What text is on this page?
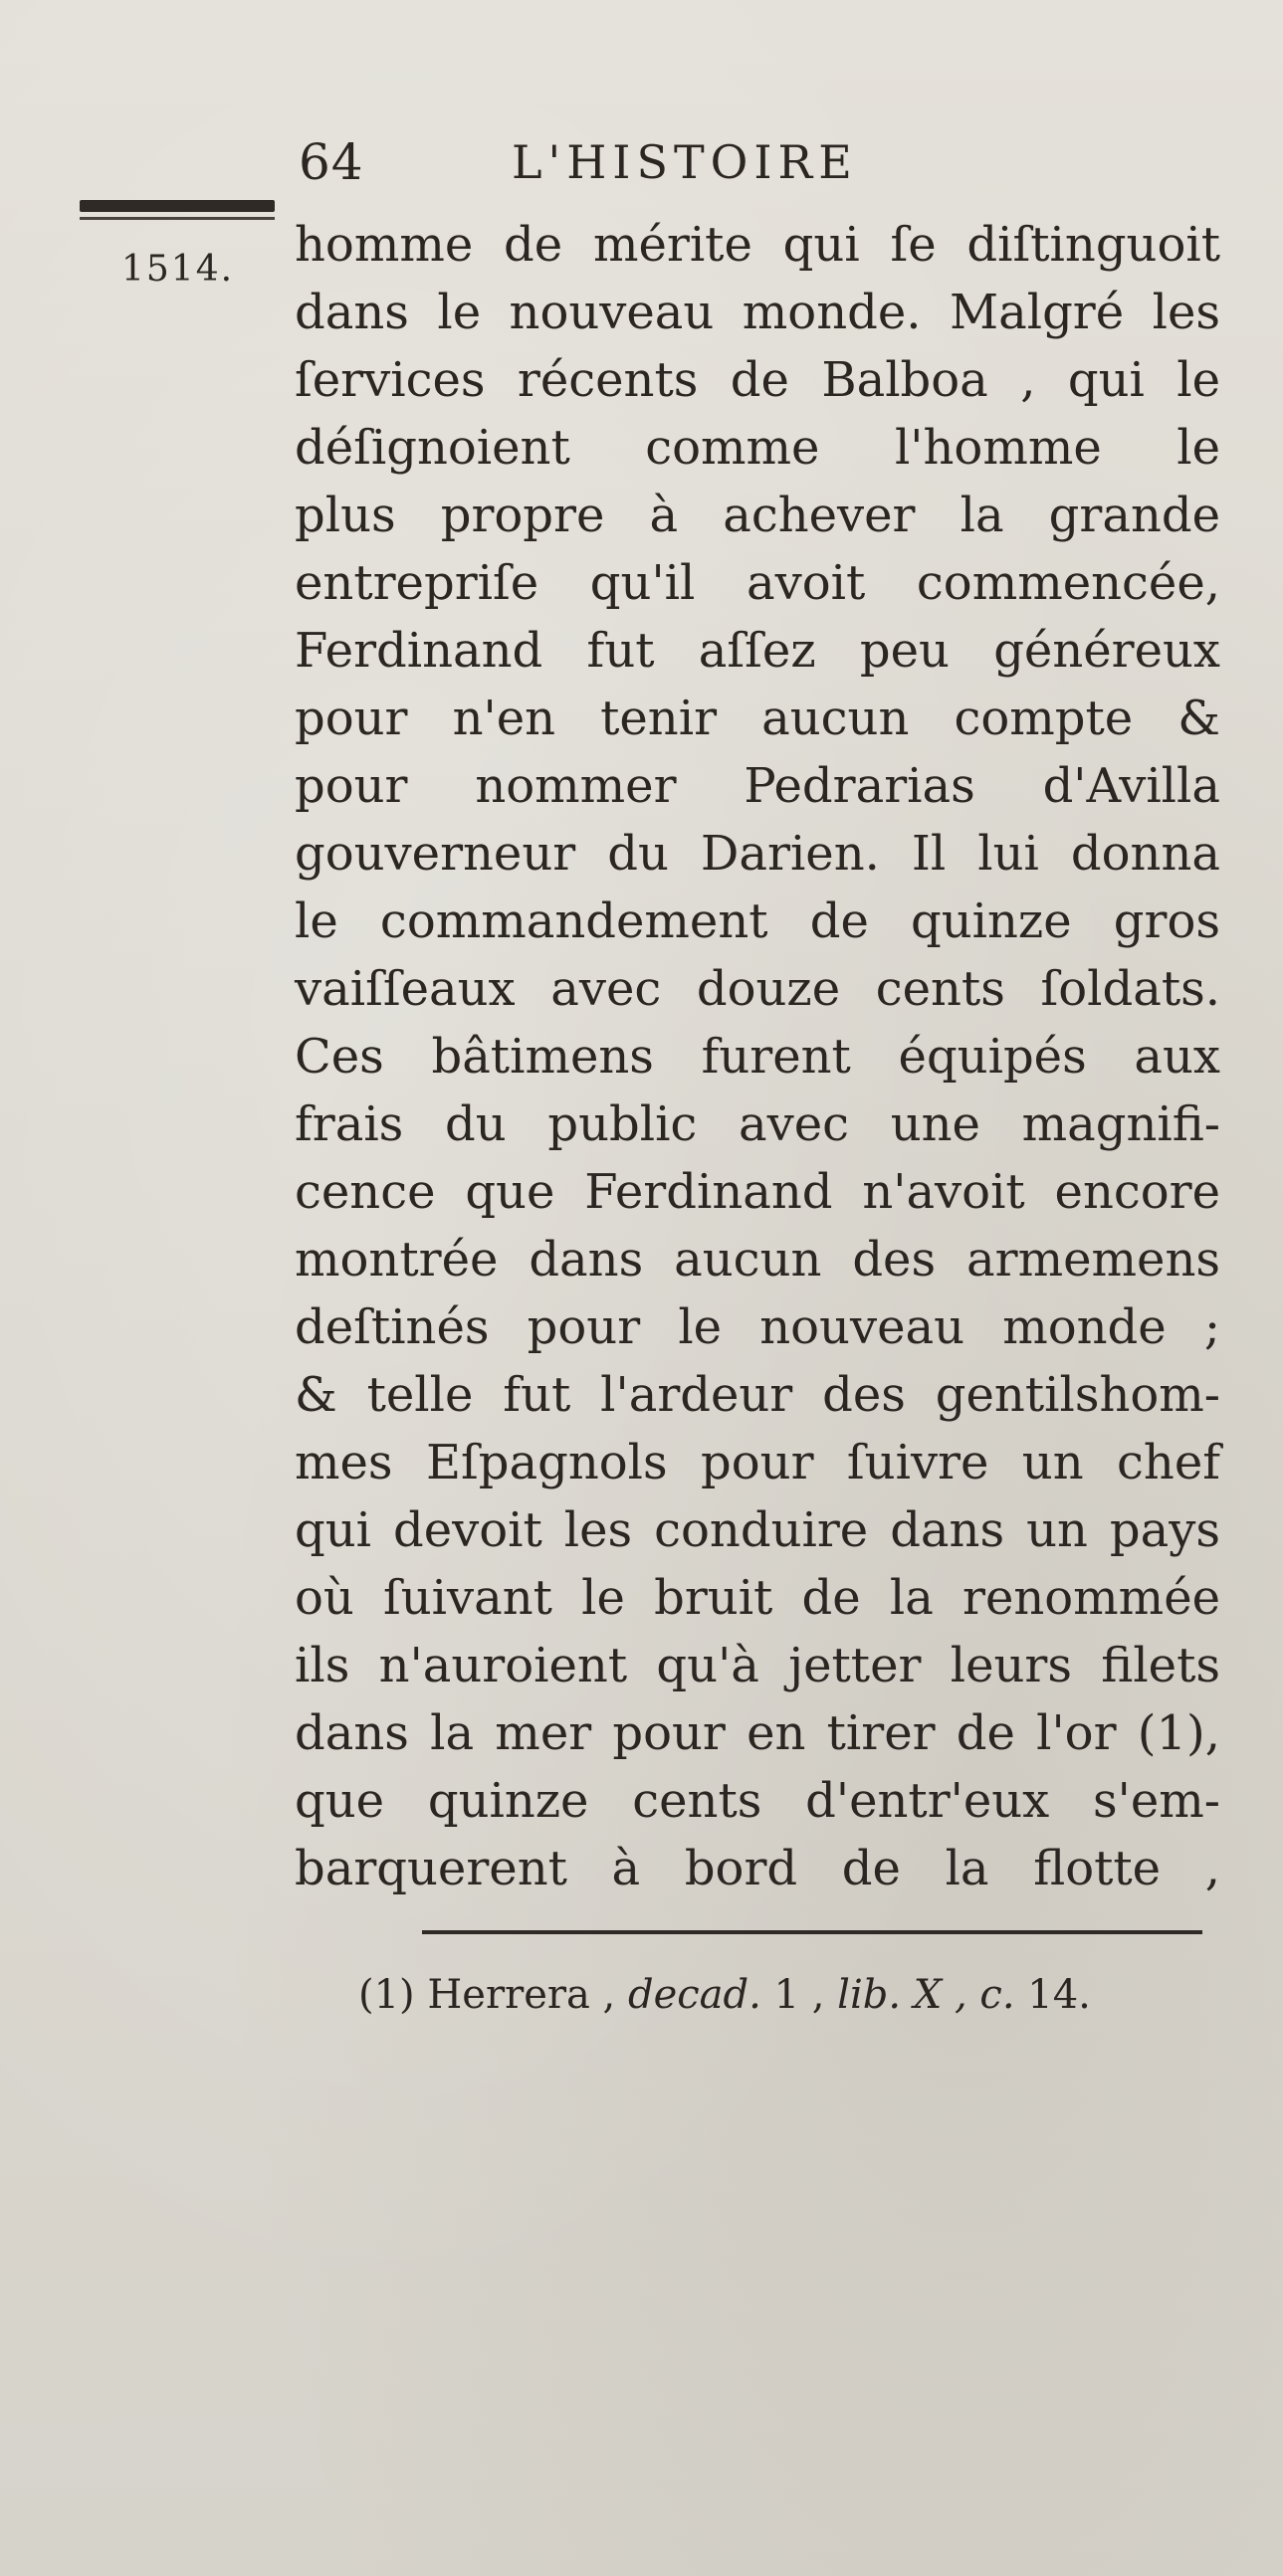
64	L'HISTOIRE
1514. homme de mérite qui ſe diſtinguoit
dans le nouveau monde. Malgré les
ſervices récents de Balboa , qui le
déſignoient comme l'homme le
plus propre à achever la grande
entrepriſe qu'il avoit commencée,
Ferdinand fut aſſez peu généreux
pour n'en tenir aucun compte &
pour nommer Pedrarias d'Avilla
gouverneur du Darien. Il lui donna
le commandement de quinze gros
vaiſſeaux avec douze cents ſoldats.
Ces bâtimens furent équipés aux
frais du public avec une magnifi-
cence que Ferdinand n'avoit encore
montrée dans aucun des armemens
deſtinés pour le nouveau monde ;
& telle fut l'ardeur des gentilshom-
mes Eſpagnols pour ſuivre un chef
qui devoit les conduire dans un pays
où ſuivant le bruit de la renommée
ils n'auroient qu'à jetter leurs filets
dans la mer pour en tirer de l'or (1),
que quinze cents d'entr'eux s'em-
barquerent à bord de la flotte ,
(1) Herrera , decad. 1 , lib. X , c. 14.
